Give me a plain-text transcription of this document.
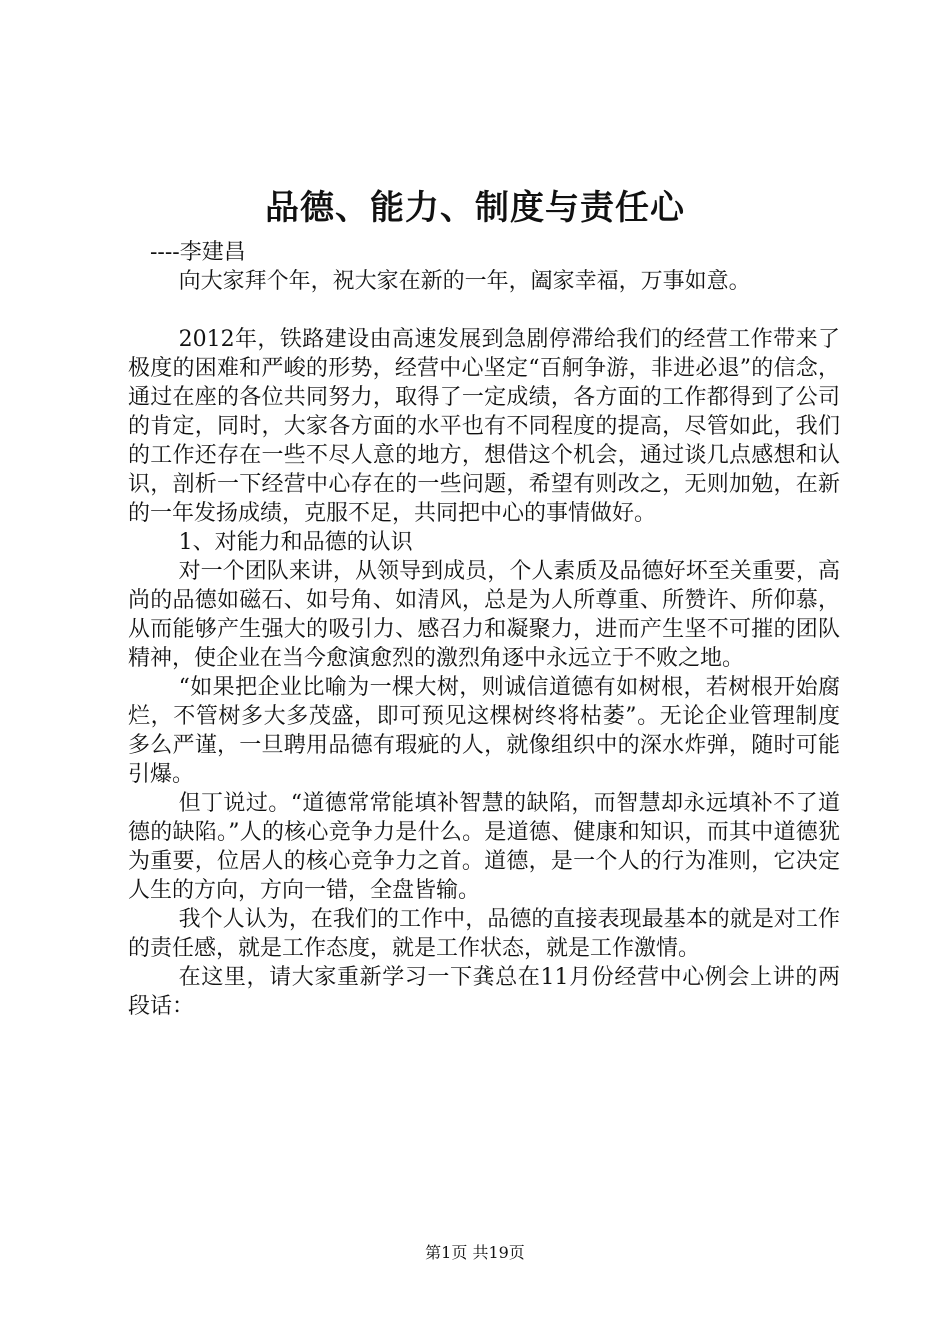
品德、能力、制度与责任心

----李建昌

向大家拜个年，祝大家在新的一年，阖家幸福，万事如意。

2012年，铁路建设由高速发展到急剧停滞给我们的经营工作带来了极度的困难和严峻的形势，经营中心坚定“百舸争游，非进必退”的信念，通过在座的各位共同努力，取得了一定成绩，各方面的工作都得到了公司的肯定，同时，大家各方面的水平也有不同程度的提高，尽管如此，我们的工作还存在一些不尽人意的地方，想借这个机会，通过谈几点感想和认识，剖析一下经营中心存在的一些问题，希望有则改之，无则加勉，在新的一年发扬成绩，克服不足，共同把中心的事情做好。

1、对能力和品德的认识

对一个团队来讲，从领导到成员，个人素质及品德好坏至关重要，高尚的品德如磁石、如号角、如清风，总是为人所尊重、所赞许、所仰慕，从而能够产生强大的吸引力、感召力和凝聚力，进而产生坚不可摧的团队精神，使企业在当今愈演愈烈的激烈角逐中永远立于不败之地。

“如果把企业比喻为一棵大树，则诚信道德有如树根，若树根开始腐烂，不管树多大多茂盛，即可预见这棵树终将枯萎”。无论企业管理制度多么严谨，一旦聘用品德有瑕疵的人，就像组织中的深水炸弹，随时可能引爆。

但丁说过。“道德常常能填补智慧的缺陷，而智慧却永远填补不了道德的缺陷。”人的核心竞争力是什么。是道德、健康和知识，而其中道德犹为重要，位居人的核心竞争力之首。道德，是一个人的行为准则，它决定人生的方向，方向一错，全盘皆输。

我个人认为，在我们的工作中，品德的直接表现最基本的就是对工作的责任感，就是工作态度，就是工作状态，就是工作激情。

在这里，请大家重新学习一下龚总在11月份经营中心例会上讲的两段话：

第1页 共19页
